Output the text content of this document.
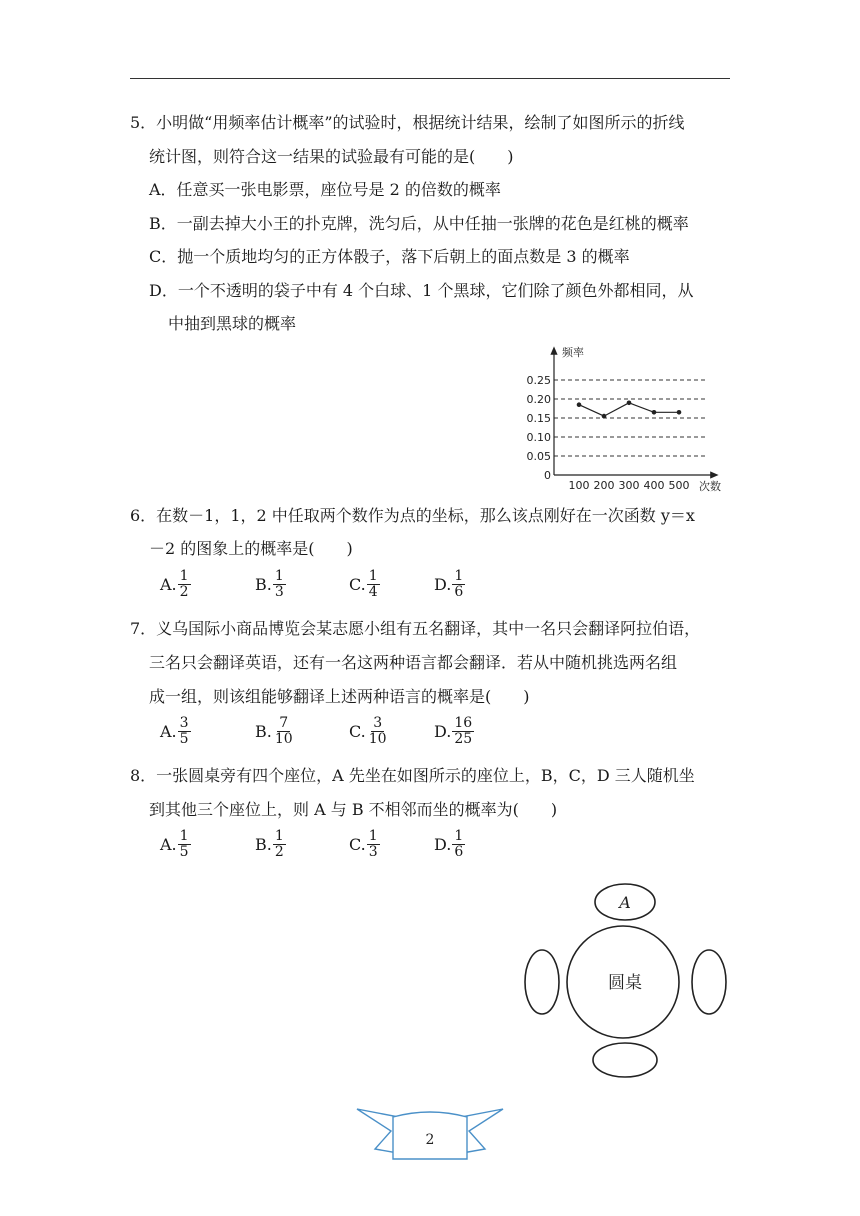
5．小明做“用频率估计概率”的试验时，根据统计结果，绘制了如图所示的折线
统计图，则符合这一结果的试验最有可能的是(　　)
A．任意买一张电影票，座位号是 2 的倍数的概率
B．一副去掉大小王的扑克牌，洗匀后，从中任抽一张牌的花色是红桃的概率
C．抛一个质地均匀的正方体骰子，落下后朝上的面点数是 3 的概率
D．一个不透明的袋子中有 4 个白球、1 个黑球，它们除了颜色外都相同，从
中抽到黑球的概率
频率
次数
0
0.05
0.10
0.15
0.20
0.25
100 200 300 400 500
6．在数－1，1，2 中任取两个数作为点的坐标，那么该点刚好在一次函数 y＝x
－2 的图象上的概率是(　　)
A. $\frac{1}{2}$	B. $\frac{1}{3}$	C. $\frac{1}{4}$	D. $\frac{1}{6}$
7．义乌国际小商品博览会某志愿小组有五名翻译，其中一名只会翻译阿拉伯语，
三名只会翻译英语，还有一名这两种语言都会翻译．若从中随机挑选两名组
成一组，则该组能够翻译上述两种语言的概率是(　　)
A. $\frac{3}{5}$	B. $\frac{7}{10}$	C. $\frac{3}{10}$	D. $\frac{16}{25}$
8．一张圆桌旁有四个座位，A 先坐在如图所示的座位上，B，C，D 三人随机坐
到其他三个座位上，则 A 与 B 不相邻而坐的概率为(　　)
A. $\frac{1}{5}$	B. $\frac{1}{2}$	C. $\frac{1}{3}$	D. $\frac{1}{6}$
A
圆桌
2
